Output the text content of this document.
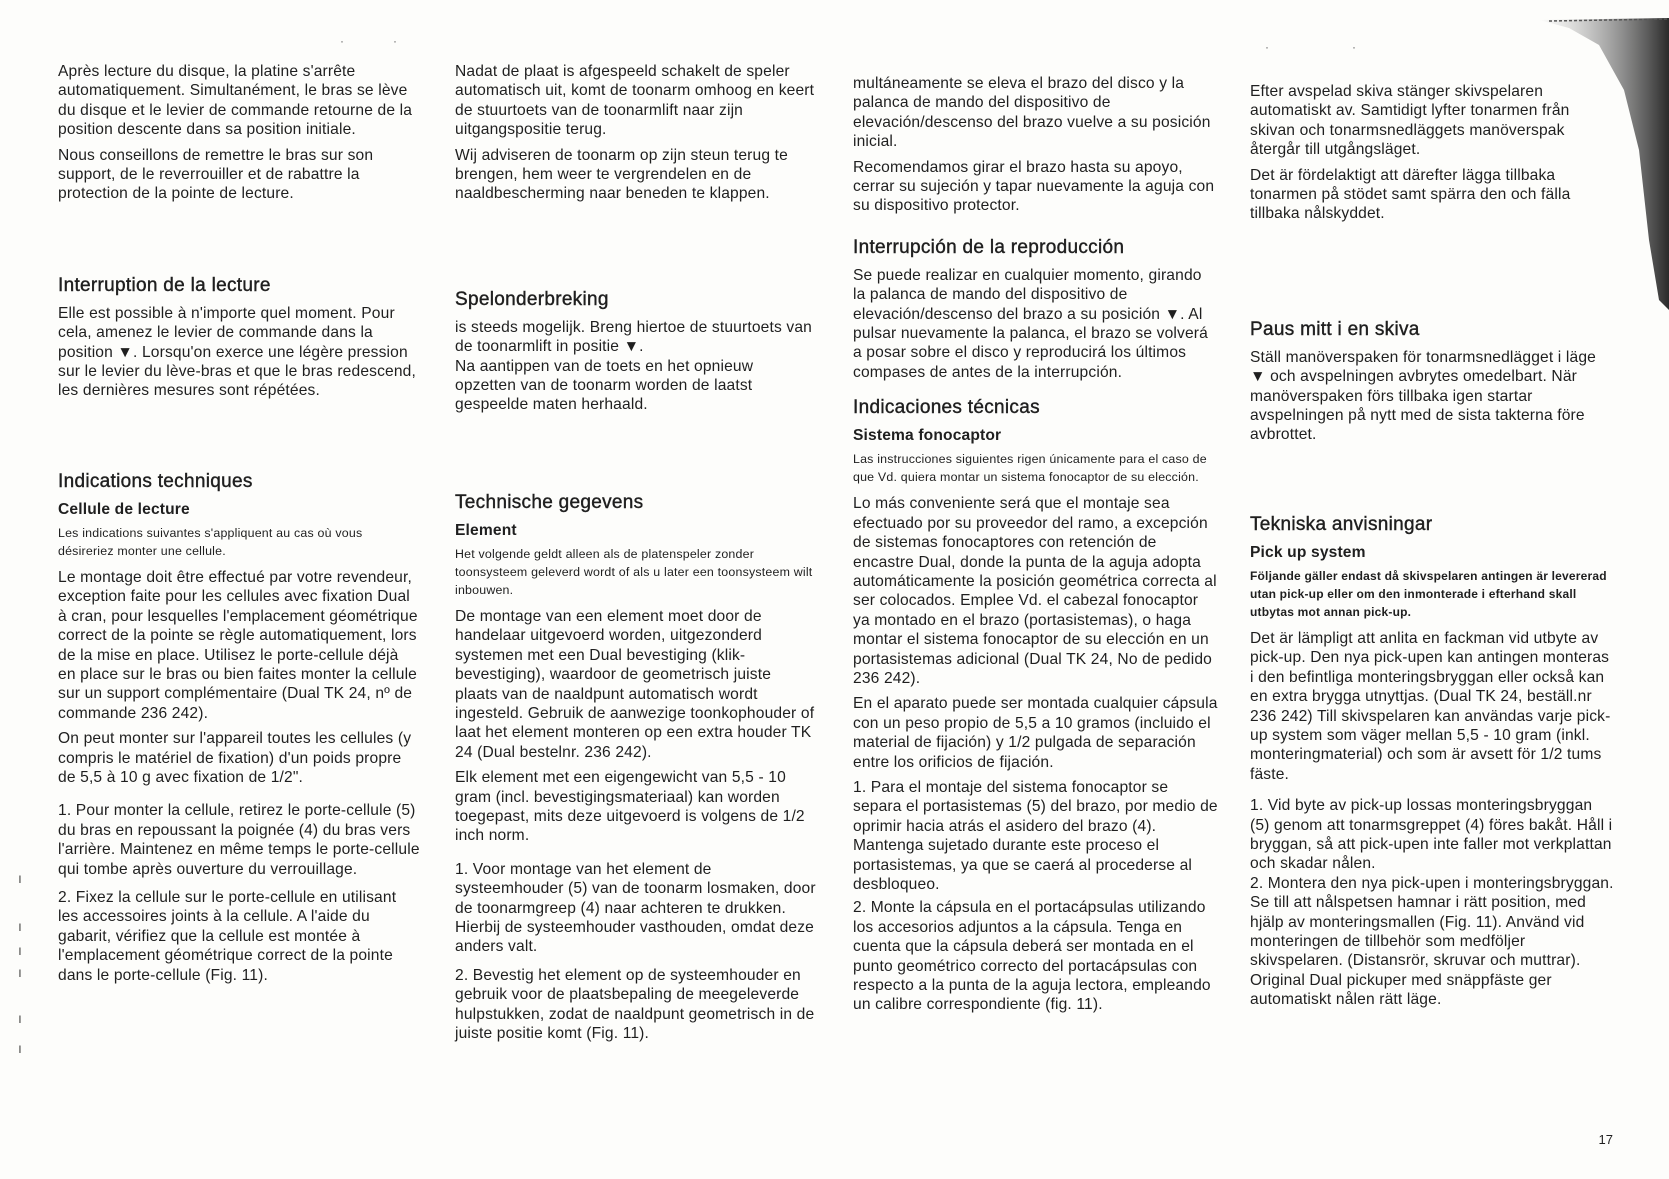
·	·	·	·
ı
ı
ı
ı
ı
ı

Après lecture du disque, la platine s'arrête automatiquement. Simultanément, le bras se lève du disque et le levier de commande retourne de la position descente dans sa position initiale.

Nous conseillons de remettre le bras sur son support, de le reverrouiller et de rabattre la protection de la pointe de lecture.

Interruption de la lecture

Elle est possible à n'importe quel moment. Pour cela, amenez le levier de commande dans la position ▼. Lorsqu'on exerce une légère pression sur le levier du lève-bras et que le bras redescend, les dernières mesures sont répétées.

Indications techniques
Cellule de lecture

Les indications suivantes s'appliquent au cas où vous désireriez monter une cellule.

Le montage doit être effectué par votre revendeur, exception faite pour les cellules avec fixation Dual à cran, pour lesquelles l'emplacement géométrique correct de la pointe se règle automatiquement, lors de la mise en place. Utilisez le porte-cellule déjà en place sur le bras ou bien faites monter la cellule sur un support complémentaire (Dual TK 24, nº de commande 236 242).

On peut monter sur l'appareil toutes les cellules (y compris le matériel de fixation) d'un poids propre de 5,5 à 10 g avec fixation de 1/2".

1. Pour monter la cellule, retirez le porte-cellule (5) du bras en repoussant la poignée (4) du bras vers l'arrière. Maintenez en même temps le porte-cellule qui tombe après ouverture du verrouillage.

2. Fixez la cellule sur le porte-cellule en utilisant les accessoires joints à la cellule. A l'aide du gabarit, vérifiez que la cellule est montée à l'emplacement géométrique correct de la pointe dans le porte-cellule (Fig. 11).

Nadat de plaat is afgespeeld schakelt de speler automatisch uit, komt de toonarm omhoog en keert de stuurtoets van de toonarmlift naar zijn uitgangspositie terug.

Wij adviseren de toonarm op zijn steun terug te brengen, hem weer te vergrendelen en de naaldbescherming naar beneden te klappen.

Spelonderbreking

is steeds mogelijk. Breng hiertoe de stuurtoets van de toonarmlift in positie ▼.

Na aantippen van de toets en het opnieuw opzetten van de toonarm worden de laatst gespeelde maten herhaald.

Technische gegevens
Element

Het volgende geldt alleen als de platenspeler zonder toonsysteem geleverd wordt of als u later een toonsysteem wilt inbouwen.

De montage van een element moet door de handelaar uitgevoerd worden, uitgezonderd systemen met een Dual bevestiging (klik-bevestiging), waardoor de geometrisch juiste plaats van de naaldpunt automatisch wordt ingesteld. Gebruik de aanwezige toonkophouder of laat het element monteren op een extra houder TK 24 (Dual bestelnr. 236 242).

Elk element met een eigengewicht van 5,5 - 10 gram (incl. bevestigingsmateriaal) kan worden toegepast, mits deze uitgevoerd is volgens de 1/2 inch norm.

1. Voor montage van het element de systeemhouder (5) van de toonarm losmaken, door de toonarmgreep (4) naar achteren te drukken. Hierbij de systeemhouder vasthouden, omdat deze anders valt.

2. Bevestig het element op de systeemhouder en gebruik voor de plaatsbepaling de meegeleverde hulpstukken, zodat de naaldpunt geometrisch in de juiste positie komt (Fig. 11).

multáneamente se eleva el brazo del disco y la palanca de mando del dispositivo de elevación/descenso del brazo vuelve a su posición inicial.

Recomendamos girar el brazo hasta su apoyo, cerrar su sujeción y tapar nuevamente la aguja con su dispositivo protector.

Interrupción de la reproducción

Se puede realizar en cualquier momento, girando la palanca de mando del dispositivo de elevación/descenso del brazo a su posición ▼. Al pulsar nuevamente la palanca, el brazo se volverá a posar sobre el disco y reproducirá los últimos compases de antes de la interrupción.

Indicaciones técnicas
Sistema fonocaptor

Las instrucciones siguientes rigen únicamente para el caso de que Vd. quiera montar un sistema fonocaptor de su elección.

Lo más conveniente será que el montaje sea efectuado por su proveedor del ramo, a excepción de sistemas fonocaptores con retención de encastre Dual, donde la punta de la aguja adopta automáticamente la posición geométrica correcta al ser colocados. Emplee Vd. el cabezal fonocaptor ya montado en el brazo (portasistemas), o haga montar el sistema fonocaptor de su elección en un portasistemas adicional (Dual TK 24, No de pedido 236 242).

En el aparato puede ser montada cualquier cápsula con un peso propio de 5,5 a 10 gramos (incluido el material de fijación) y 1/2 pulgada de separación entre los orificios de fijación.

1. Para el montaje del sistema fonocaptor se separa el portasistemas (5) del brazo, por medio de oprimir hacia atrás el asidero del brazo (4). Mantenga sujetado durante este proceso el portasistemas, ya que se caerá al procederse al desbloqueo.

2. Monte la cápsula en el portacápsulas utilizando los accesorios adjuntos a la cápsula. Tenga en cuenta que la cápsula deberá ser montada en el punto geométrico correcto del portacápsulas con respecto a la punta de la aguja lectora, empleando un calibre correspondiente (fig. 11).

Efter avspelad skiva stänger skivspelaren automatiskt av. Samtidigt lyfter tonarmen från skivan och tonarmsnedläggets manöverspak återgår till utgångsläget.

Det är fördelaktigt att därefter lägga tillbaka tonarmen på stödet samt spärra den och fälla tillbaka nålskyddet.

Paus mitt i en skiva

Ställ manöverspaken för tonarmsnedlägget i läge ▼ och avspelningen avbrytes omedelbart. När manöverspaken förs tillbaka igen startar avspelningen på nytt med de sista takterna före avbrottet.

Tekniska anvisningar
Pick up system

Följande gäller endast då skivspelaren antingen är levererad utan pick-up eller om den inmonterade i efterhand skall utbytas mot annan pick-up.

Det är lämpligt att anlita en fackman vid utbyte av pick-up. Den nya pick-upen kan antingen monteras i den befintliga monteringsbryggan eller också kan en extra brygga utnyttjas. (Dual TK 24, beställ.nr 236 242) Till skivspelaren kan användas varje pick-up system som väger mellan 5,5 - 10 gram (inkl. monteringmaterial) och som är avsett för 1/2 tums fäste.

1. Vid byte av pick-up lossas monteringsbryggan (5) genom att tonarmsgreppet (4) föres bakåt. Håll i bryggan, så att pick-upen inte faller mot verkplattan och skadar nålen.

2. Montera den nya pick-upen i monteringsbryggan. Se till att nålspetsen hamnar i rätt position, med hjälp av monteringsmallen (Fig. 11). Använd vid monteringen de tillbehör som medföljer skivspelaren. (Distansrör, skruvar och muttrar).

Original Dual pickuper med snäppfäste ger automatiskt nålen rätt läge.

17
